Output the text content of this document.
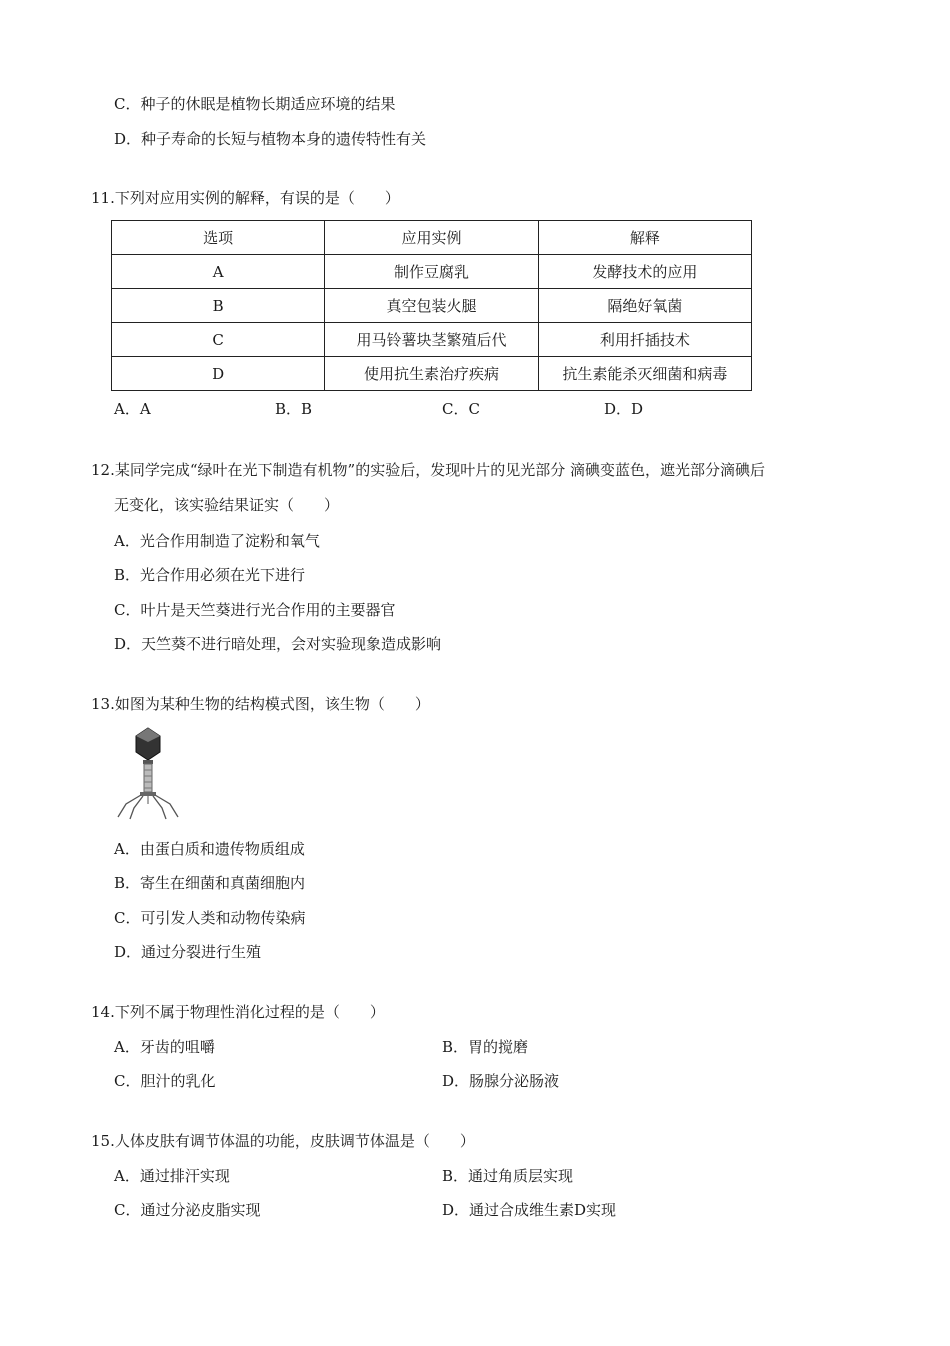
C．种子的休眠是植物长期适应环境的结果
D．种子寿命的长短与植物本身的遗传特性有关
11.下列对应用实例的解释，有误的是（　　）
选项	应用实例	解释
A	制作豆腐乳	发酵技术的应用
B	真空包装火腿	隔绝好氧菌
C	用马铃薯块茎繁殖后代	利用扦插技术
D	使用抗生素治疗疾病	抗生素能杀灭细菌和病毒
A．A	B．B	C．C	D．D
12.某同学完成“绿叶在光下制造有机物”的实验后，发现叶片的见光部分 滴碘变蓝色，遮光部分滴碘后
无变化，该实验结果证实（　　）
A．光合作用制造了淀粉和氧气
B．光合作用必须在光下进行
C．叶片是天竺葵进行光合作用的主要器官
D．天竺葵不进行暗处理，会对实验现象造成影响
13.如图为某种生物的结构模式图，该生物（　　）
A．由蛋白质和遗传物质组成
B．寄生在细菌和真菌细胞内
C．可引发人类和动物传染病
D．通过分裂进行生殖
14.下列不属于物理性消化过程的是（　　）
A．牙齿的咀嚼	B．胃的搅磨
C．胆汁的乳化	D．肠腺分泌肠液
15.人体皮肤有调节体温的功能，皮肤调节体温是（　　）
A．通过排汗实现	B．通过角质层实现
C．通过分泌皮脂实现	D．通过合成维生素D实现
